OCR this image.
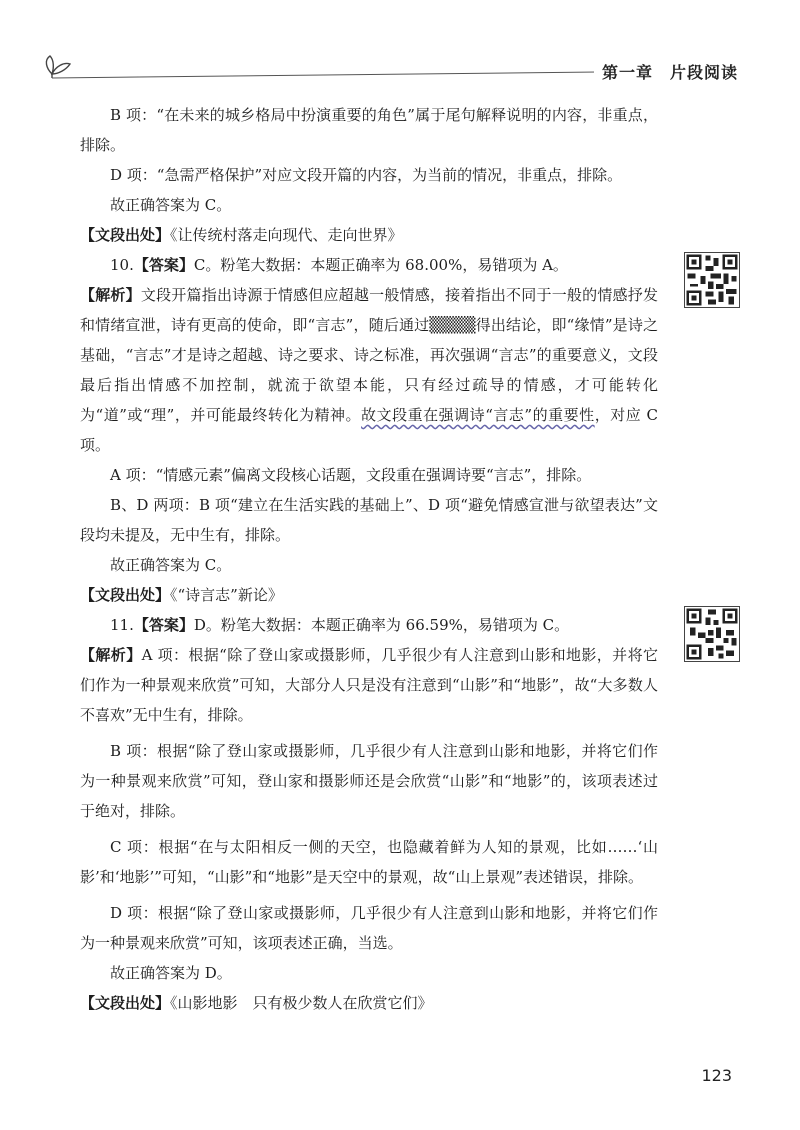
第一章　片段阅读

B 项：“在未来的城乡格局中扮演重要的角色”属于尾句解释说明的内容，非重点，排除。

D 项：“急需严格保护”对应文段开篇的内容，为当前的情况，非重点，排除。

故正确答案为 C。

【文段出处】《让传统村落走向现代、走向世界》

10.【答案】C。粉笔大数据：本题正确率为 68.00%，易错项为 A。

【解析】文段开篇指出诗源于情感但应超越一般情感，接着指出不同于一般的情感抒发和情绪宣泄，诗有更高的使命，即“言志”，随后通过▒▒▒▒得出结论，即“缘情”是诗之基础，“言志”才是诗之超越、诗之要求、诗之标准，再次强调“言志”的重要意义，文段最后指出情感不加控制，就流于欲望本能，只有经过疏导的情感，才可能转化为“道”或“理”，并可能最终转化为精神。故文段重在强调诗“言志”的重要性，对应 C 项。

A 项：“情感元素”偏离文段核心话题，文段重在强调诗要“言志”，排除。

B、D 两项：B 项“建立在生活实践的基础上”、D 项“避免情感宣泄与欲望表达”文段均未提及，无中生有，排除。

故正确答案为 C。

【文段出处】《“诗言志”新论》

11.【答案】D。粉笔大数据：本题正确率为 66.59%，易错项为 C。

【解析】A 项：根据“除了登山家或摄影师，几乎很少有人注意到山影和地影，并将它们作为一种景观来欣赏”可知，大部分人只是没有注意到“山影”和“地影”，故“大多数人不喜欢”无中生有，排除。

B 项：根据“除了登山家或摄影师，几乎很少有人注意到山影和地影，并将它们作为一种景观来欣赏”可知，登山家和摄影师还是会欣赏“山影”和“地影”的，该项表述过于绝对，排除。

C 项：根据“在与太阳相反一侧的天空，也隐藏着鲜为人知的景观，比如……‘山影’和‘地影’”可知，“山影”和“地影”是天空中的景观，故“山上景观”表述错误，排除。

D 项：根据“除了登山家或摄影师，几乎很少有人注意到山影和地影，并将它们作为一种景观来欣赏”可知，该项表述正确，当选。

故正确答案为 D。

【文段出处】《山影地影　只有极少数人在欣赏它们》

123
